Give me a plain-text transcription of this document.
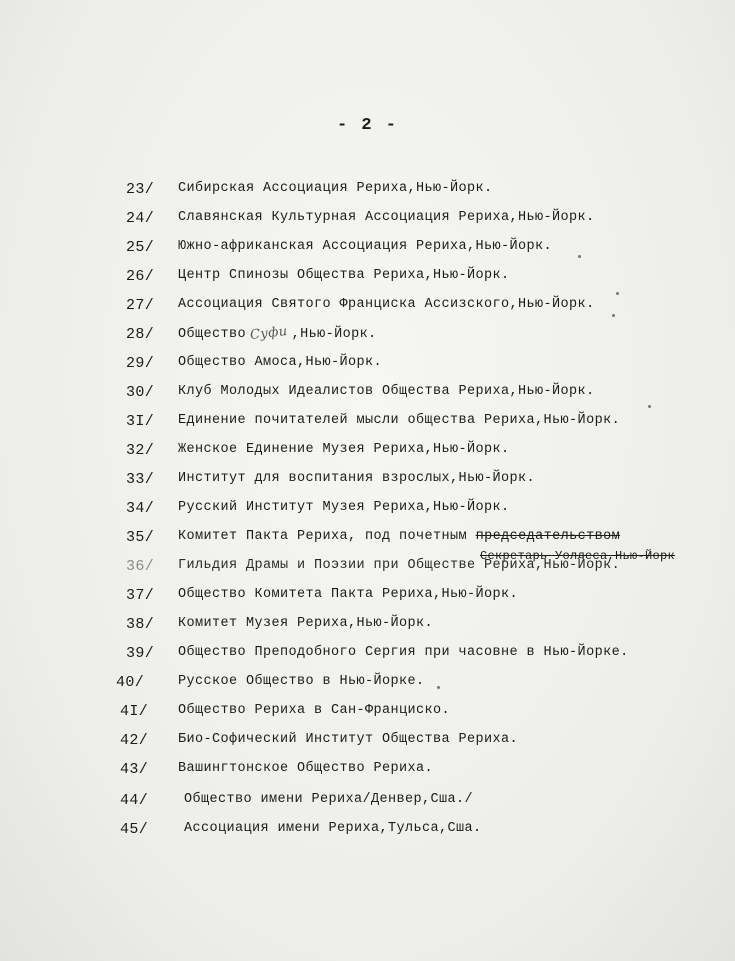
- 2 -
23/	Сибирская Ассоциация Рериха,Нью-Йорк.
24/	Славянская Культурная Ассоциация Рериха,Нью-Йорк.
25/	Южно-африканская Ассоциация Рериха,Нью-Йорк.
26/	Центр Спинозы Общества Рериха,Нью-Йорк.
27/	Ассоциация Святого Франциска Ассизского,Нью-Йорк.
28/	Общество Суфи ,Нью-Йорк.
29/	Общество Амоса,Нью-Йорк.
30/	Клуб Молодых Идеалистов Общества Рериха,Нью-Йорк.
3I/	Единение почитателей мысли общества Рериха,Нью-Йорк.
32/	Женское Единение Музея Рериха,Нью-Йорк.
33/	Институт для воспитания взрослых,Нью-Йорк.
34/	Русский Институт Музея Рериха,Нью-Йорк.
35/	Комитет Пакта Рериха, под почетным председательством
36/	Гильдия Драмы и Поэзии при Обществе Рериха,Нью-Йорк.
37/	Общество Комитета Пакта Рериха,Нью-Йорк.
38/	Комитет Музея Рериха,Нью-Йорк.
39/	Общество Преподобного Сергия при часовне в Нью-Йорке.
40/	Русское Общество в Нью-Йорке.
4I/	Общество Рериха в Сан-Франциско.
42/	Био-Софический Институт Общества Рериха.
43/	Вашингтонское Общество Рериха.
44/	Общество имени Рериха/Денвер,Сша./
45/	Ассоциация имени Рериха,Тульса,Сша.
Секретарь Уоллеса,Нью-Йорк
